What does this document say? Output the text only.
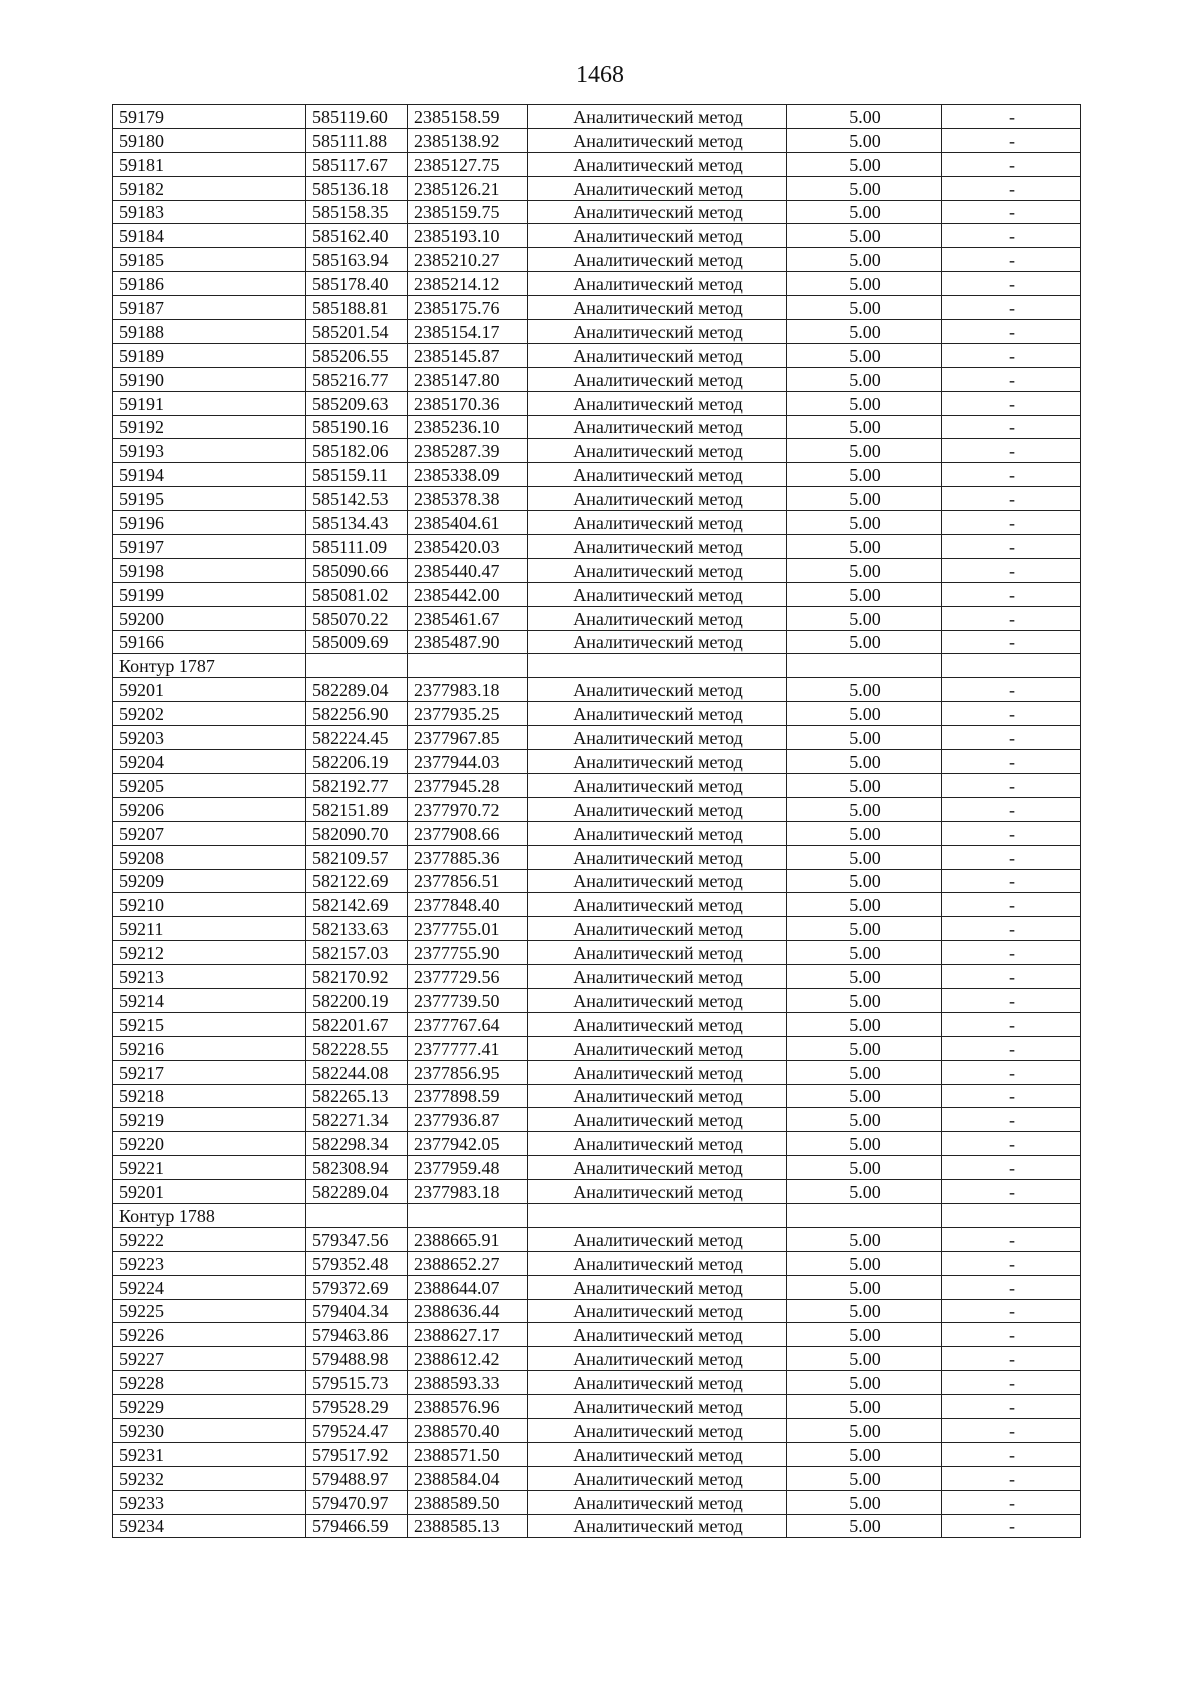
1468
59179	585119.60	2385158.59	Аналитический метод	5.00	-
59180	585111.88	2385138.92	Аналитический метод	5.00	-
59181	585117.67	2385127.75	Аналитический метод	5.00	-
59182	585136.18	2385126.21	Аналитический метод	5.00	-
59183	585158.35	2385159.75	Аналитический метод	5.00	-
59184	585162.40	2385193.10	Аналитический метод	5.00	-
59185	585163.94	2385210.27	Аналитический метод	5.00	-
59186	585178.40	2385214.12	Аналитический метод	5.00	-
59187	585188.81	2385175.76	Аналитический метод	5.00	-
59188	585201.54	2385154.17	Аналитический метод	5.00	-
59189	585206.55	2385145.87	Аналитический метод	5.00	-
59190	585216.77	2385147.80	Аналитический метод	5.00	-
59191	585209.63	2385170.36	Аналитический метод	5.00	-
59192	585190.16	2385236.10	Аналитический метод	5.00	-
59193	585182.06	2385287.39	Аналитический метод	5.00	-
59194	585159.11	2385338.09	Аналитический метод	5.00	-
59195	585142.53	2385378.38	Аналитический метод	5.00	-
59196	585134.43	2385404.61	Аналитический метод	5.00	-
59197	585111.09	2385420.03	Аналитический метод	5.00	-
59198	585090.66	2385440.47	Аналитический метод	5.00	-
59199	585081.02	2385442.00	Аналитический метод	5.00	-
59200	585070.22	2385461.67	Аналитический метод	5.00	-
59166	585009.69	2385487.90	Аналитический метод	5.00	-
Контур 1787					
59201	582289.04	2377983.18	Аналитический метод	5.00	-
59202	582256.90	2377935.25	Аналитический метод	5.00	-
59203	582224.45	2377967.85	Аналитический метод	5.00	-
59204	582206.19	2377944.03	Аналитический метод	5.00	-
59205	582192.77	2377945.28	Аналитический метод	5.00	-
59206	582151.89	2377970.72	Аналитический метод	5.00	-
59207	582090.70	2377908.66	Аналитический метод	5.00	-
59208	582109.57	2377885.36	Аналитический метод	5.00	-
59209	582122.69	2377856.51	Аналитический метод	5.00	-
59210	582142.69	2377848.40	Аналитический метод	5.00	-
59211	582133.63	2377755.01	Аналитический метод	5.00	-
59212	582157.03	2377755.90	Аналитический метод	5.00	-
59213	582170.92	2377729.56	Аналитический метод	5.00	-
59214	582200.19	2377739.50	Аналитический метод	5.00	-
59215	582201.67	2377767.64	Аналитический метод	5.00	-
59216	582228.55	2377777.41	Аналитический метод	5.00	-
59217	582244.08	2377856.95	Аналитический метод	5.00	-
59218	582265.13	2377898.59	Аналитический метод	5.00	-
59219	582271.34	2377936.87	Аналитический метод	5.00	-
59220	582298.34	2377942.05	Аналитический метод	5.00	-
59221	582308.94	2377959.48	Аналитический метод	5.00	-
59201	582289.04	2377983.18	Аналитический метод	5.00	-
Контур 1788					
59222	579347.56	2388665.91	Аналитический метод	5.00	-
59223	579352.48	2388652.27	Аналитический метод	5.00	-
59224	579372.69	2388644.07	Аналитический метод	5.00	-
59225	579404.34	2388636.44	Аналитический метод	5.00	-
59226	579463.86	2388627.17	Аналитический метод	5.00	-
59227	579488.98	2388612.42	Аналитический метод	5.00	-
59228	579515.73	2388593.33	Аналитический метод	5.00	-
59229	579528.29	2388576.96	Аналитический метод	5.00	-
59230	579524.47	2388570.40	Аналитический метод	5.00	-
59231	579517.92	2388571.50	Аналитический метод	5.00	-
59232	579488.97	2388584.04	Аналитический метод	5.00	-
59233	579470.97	2388589.50	Аналитический метод	5.00	-
59234	579466.59	2388585.13	Аналитический метод	5.00	-
